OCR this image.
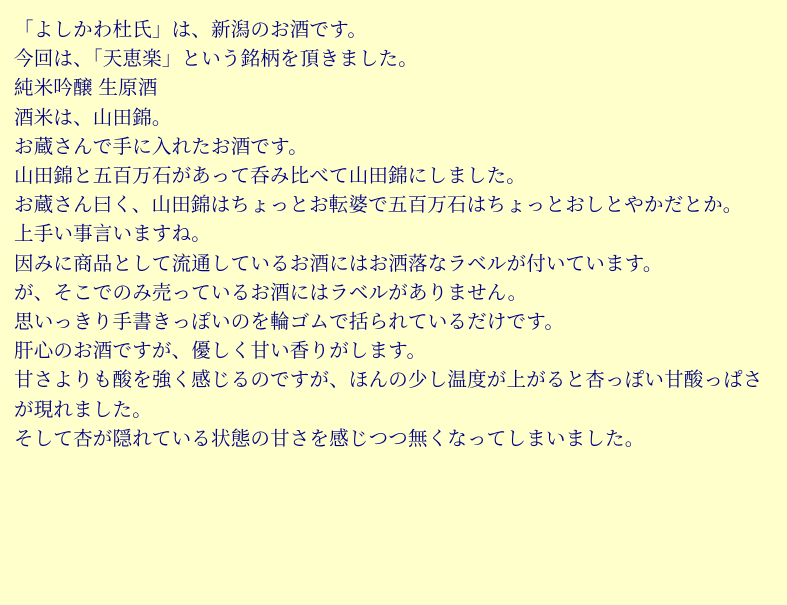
「よしかわ杜氏」は、新潟のお酒です。

今回は、「天恵楽」という銘柄を頂きました。

純米吟醸 生原酒

酒米は、山田錦。

お蔵さんで手に入れたお酒です。

山田錦と五百万石があって呑み比べて山田錦にしました。

お蔵さん曰く、山田錦はちょっとお転婆で五百万石はちょっとおしとやかだとか。

上手い事言いますね。

因みに商品として流通しているお酒にはお洒落なラベルが付いています。

が、そこでのみ売っているお酒にはラベルがありません。

思いっきり手書きっぽいのを輪ゴムで括られているだけです。

肝心のお酒ですが、優しく甘い香りがします。

甘さよりも酸を強く感じるのですが、ほんの少し温度が上がると杏っぽい甘酸っぱさが現れました。

そして杏が隠れている状態の甘さを感じつつ無くなってしまいました。
